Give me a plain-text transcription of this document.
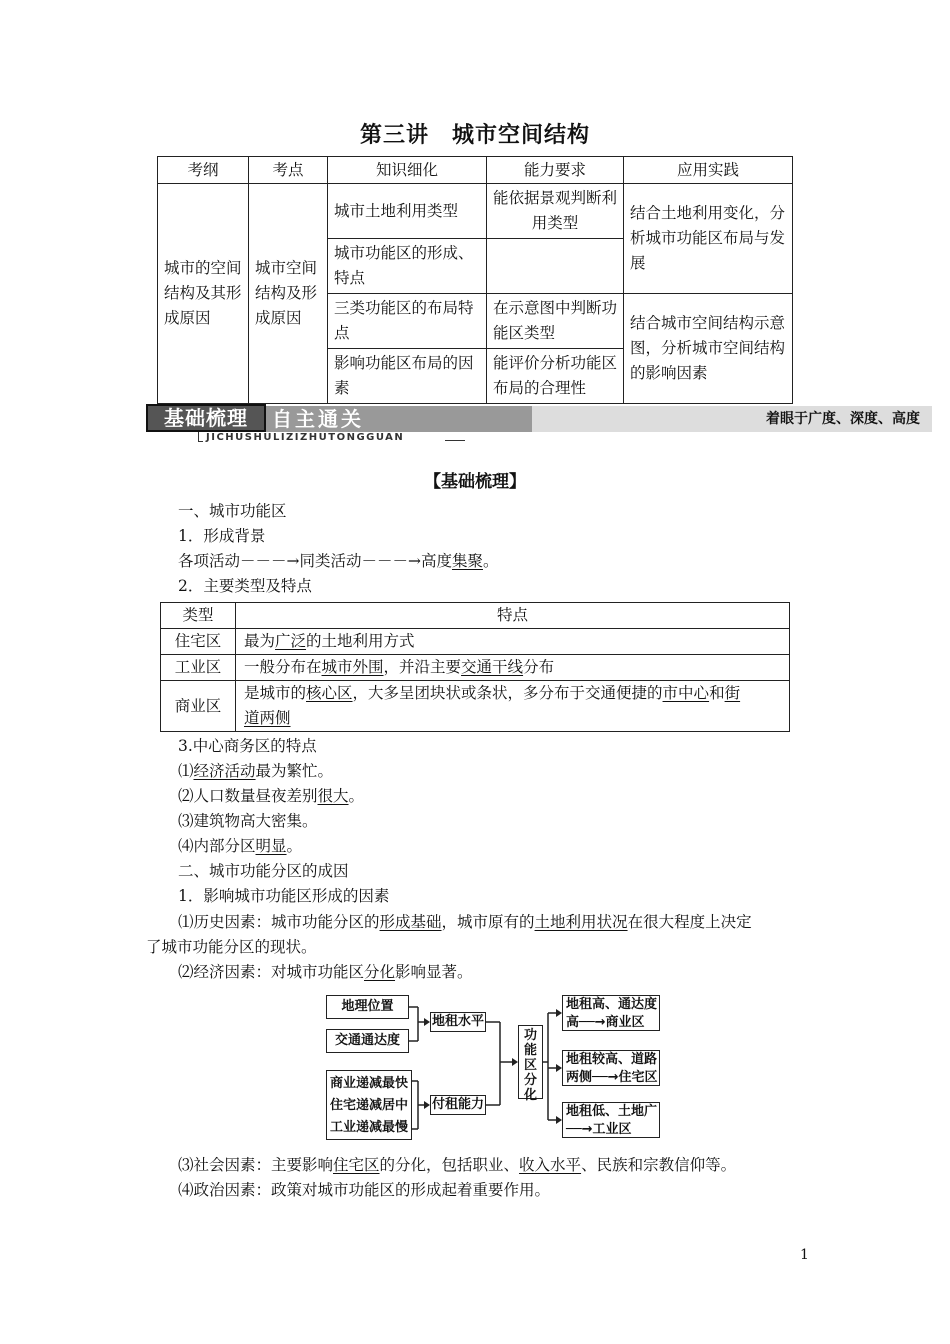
第三讲　城市空间结构
考纲	考点	知识细化	能力要求	应用实践
城市的空间结构及其形成原因	城市空间结构及形成原因	城市土地利用类型	能依据景观判断利用类型	结合土地利用变化，分析城市功能区布局与发展
		城市功能区的形成、特点		
		三类功能区的布局特点	在示意图中判断功能区类型	结合城市空间结构示意图，分析城市空间结构的影响因素
		影响功能区布局的因素	能评价分析功能区布局的合理性	
自主通关
基础梳理	着眼于广度、深度、高度
JICHUSHULIZIZHUTONGGUAN
【基础梳理】
一、城市功能区
1．形成背景
各项活动－－－→同类活动－－－→高度集聚。
2．主要类型及特点
类型	特点
住宅区	最为广泛的土地利用方式
工业区	一般分布在城市外围，并沿主要交通干线分布
商业区	是城市的核心区，大多呈团块状或条状，多分布于交通便捷的市中心和街
道两侧
3.中心商务区的特点
⑴经济活动最为繁忙。
⑵人口数量昼夜差别很大。
⑶建筑物高大密集。
⑷内部分区明显。
二、城市功能分区的成因
1．影响城市功能区形成的因素
⑴历史因素：城市功能分区的形成基础，城市原有的土地利用状况在很大程度上决定
了城市功能分区的现状。
⑵经济因素：对城市功能区分化影响显著。
地理位置
交通通达度
地租水平
商业递减最快
住宅递减居中
工业递减最慢
付租能力
功能区分化
地租高、通达度
高──→商业区
地租较高、道路
两侧──→住宅区
地租低、土地广
──→工业区
⑶社会因素：主要影响住宅区的分化，包括职业、收入水平、民族和宗教信仰等。
⑷政治因素：政策对城市功能区的形成起着重要作用。
1
